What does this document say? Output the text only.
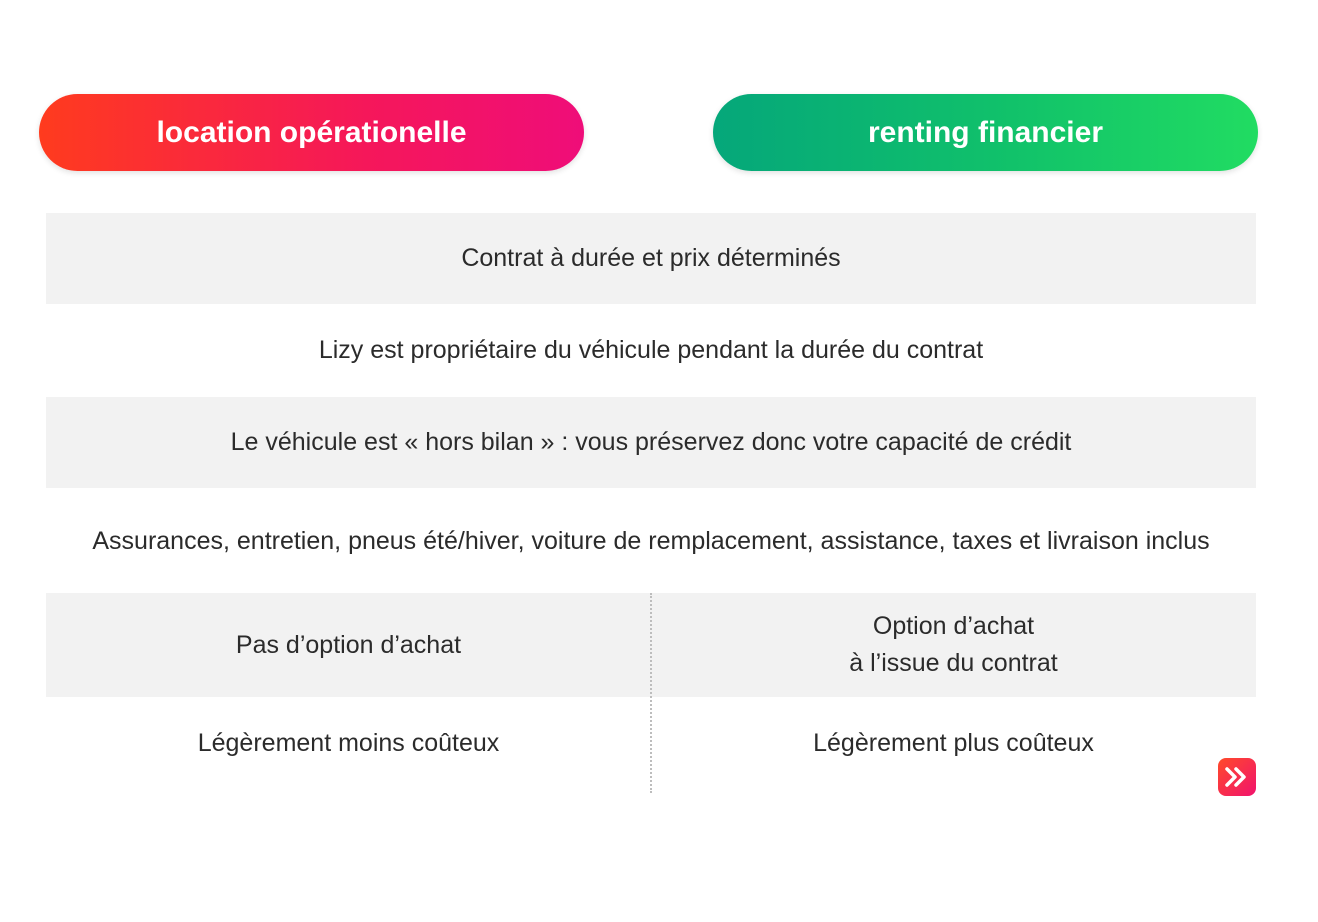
location opérationelle	renting financier
Contrat à durée et prix déterminés
Lizy est propriétaire du véhicule pendant la durée du contrat
Le véhicule est « hors bilan » : vous préservez donc votre capacité de crédit
Assurances, entretien, pneus été/hiver, voiture de remplacement, assistance, taxes et livraison inclus
Pas d’option d’achat
Option d’achat
à l’issue du contrat
Légèrement moins coûteux	Légèrement plus coûteux
